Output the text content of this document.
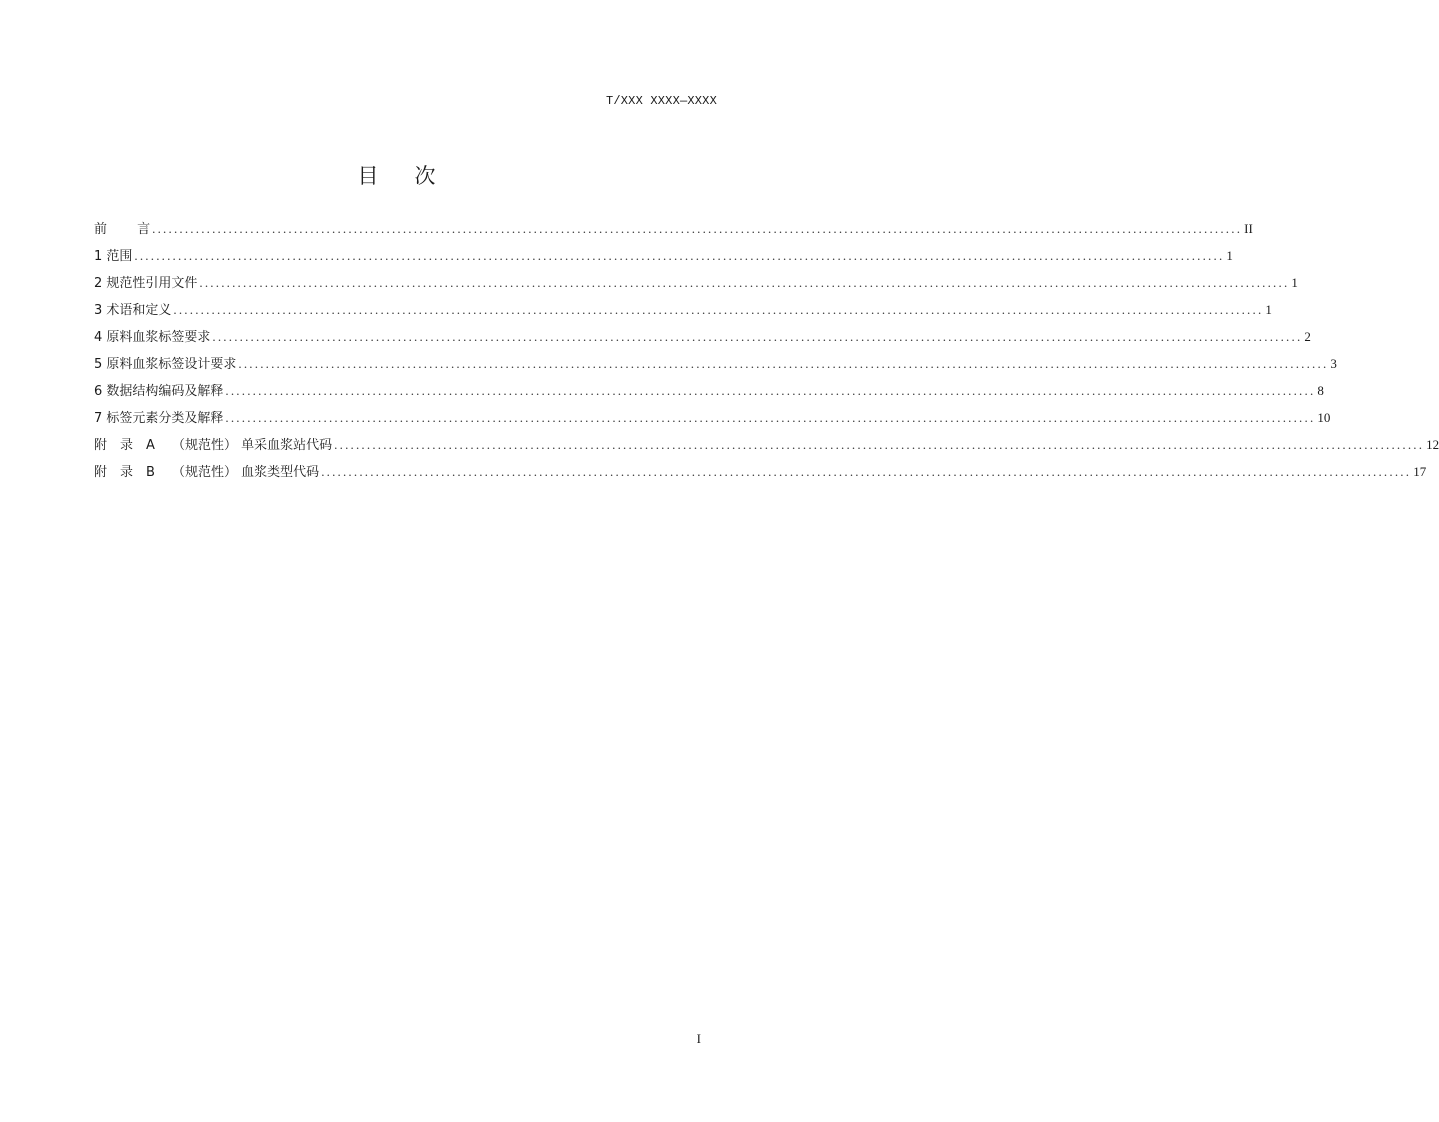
T/XXX XXXX—XXXX
目 次
前　　 言 ........................................................................................................................................................................................................ II
1 范围 ........................................................................................................................................................................................................ 1
2 规范性引用文件 ........................................................................................................................................................................................................ 1
3 术语和定义 ........................................................................................................................................................................................................ 1
4 原料血浆标签要求 ........................................................................................................................................................................................................ 2
5 原料血浆标签设计要求 ........................................................................................................................................................................................................ 3
6 数据结构编码及解释 ........................................................................................................................................................................................................ 8
7 标签元素分类及解释 ........................................................................................................................................................................................................ 10
附　录　A　 （规范性） 单采血浆站代码 ........................................................................................................................................................................................................ 12
附　录　B　 （规范性） 血浆类型代码 ........................................................................................................................................................................................................ 17
I
